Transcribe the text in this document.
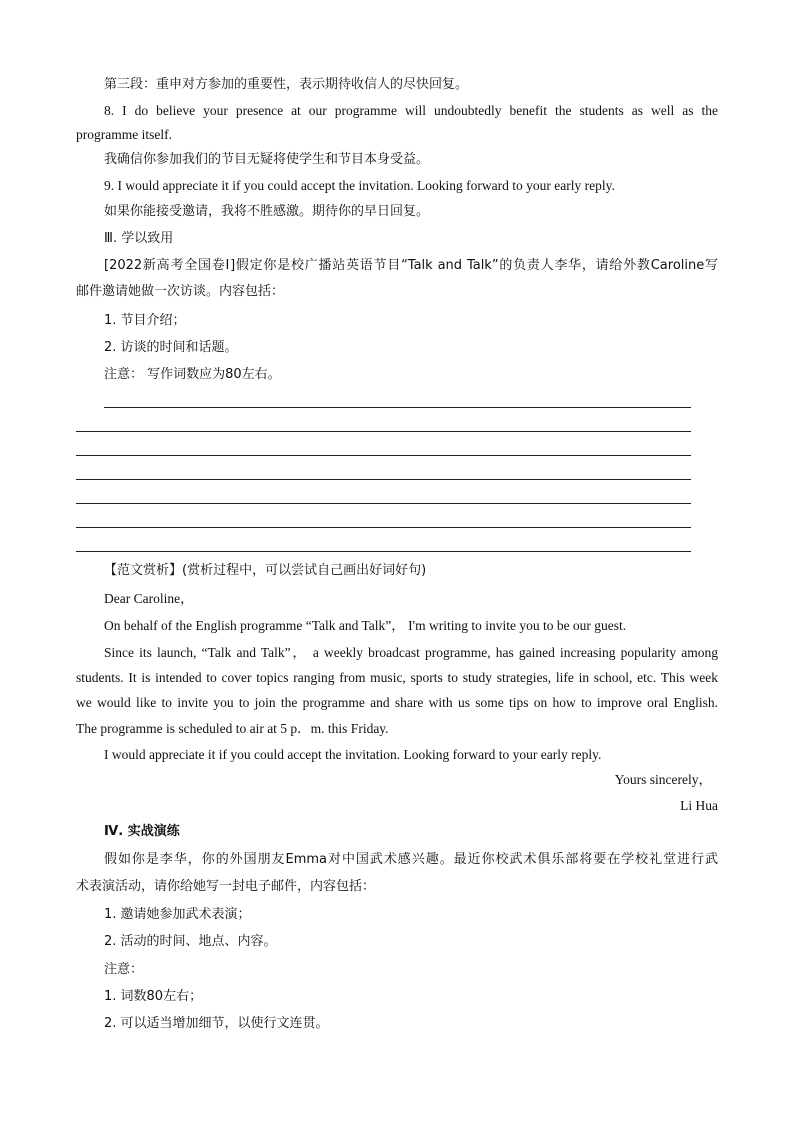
第三段：重申对方参加的重要性，表示期待收信人的尽快回复。
8. I do believe your presence at our programme will undoubtedly benefit the students as well as the
programme itself.
我确信你参加我们的节目无疑将使学生和节目本身受益。
9. I would appreciate it if you could accept the invitation. Looking forward to your early reply.
如果你能接受邀请，我将不胜感激。期待你的早日回复。
Ⅲ. 学以致用
[2022新高考全国卷Ⅰ]假定你是校广播站英语节目“Talk and Talk”的负责人李华，请给外教Caroline写
邮件邀请她做一次访谈。内容包括：
1. 节目介绍；
2. 访谈的时间和话题。
注意： 写作词数应为80左右。
【范文赏析】(赏析过程中，可以尝试自己画出好词好句)
Dear Caroline，
On behalf of the English programme “Talk and Talk”， I'm writing to invite you to be our guest.
Since its launch, “Talk and Talk”， a weekly broadcast programme, has gained increasing popularity among
students. It is intended to cover topics ranging from music, sports to study strategies, life in school, etc. This week
we would like to invite you to join the programme and share with us some tips on how to improve oral English.
The programme is scheduled to air at 5 p．m. this Friday.
I would appreciate it if you could accept the invitation. Looking forward to your early reply.
Yours sincerely，
Li Hua
Ⅳ. 实战演练
假如你是李华，你的外国朋友Emma对中国武术感兴趣。最近你校武术俱乐部将要在学校礼堂进行武
术表演活动，请你给她写一封电子邮件，内容包括：
1. 邀请她参加武术表演；
2. 活动的时间、地点、内容。
注意：
1. 词数80左右；
2. 可以适当增加细节，以使行文连贯。
